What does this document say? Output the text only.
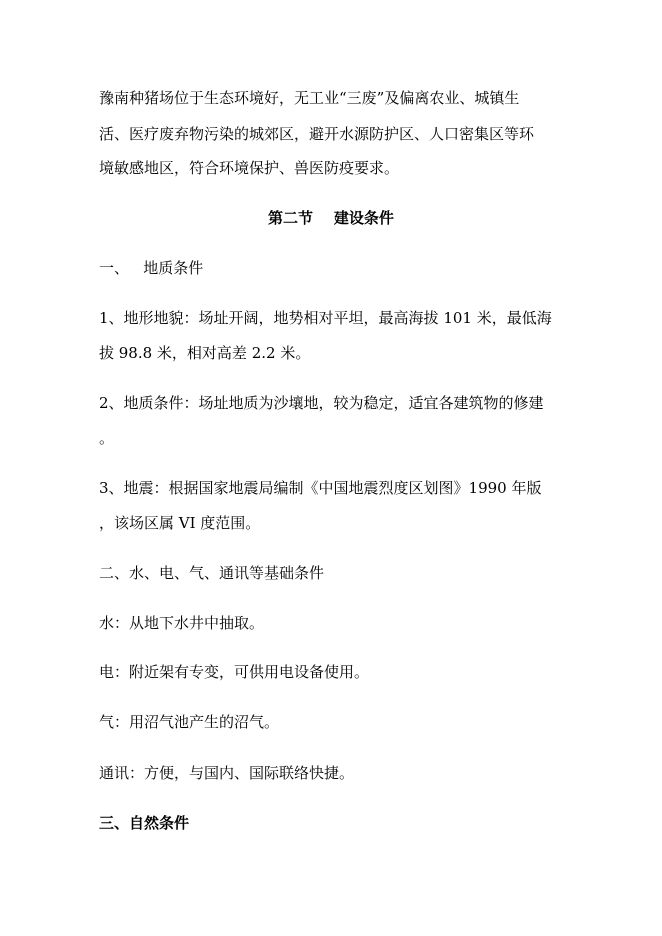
豫南种猪场位于生态环境好，无工业“三废”及偏离农业、城镇生
活、医疗废弃物污染的城郊区，避开水源防护区、人口密集区等环
境敏感地区，符合环境保护、兽医防疫要求。
第二节    建设条件
一、   地质条件
1、地形地貌：场址开阔，地势相对平坦，最高海拔 101 米，最低海
拔 98.8 米，相对高差 2.2 米。
2、地质条件：场址地质为沙壤地，较为稳定，适宜各建筑物的修建
。
3、地震：根据国家地震局编制《中国地震烈度区划图》1990 年版
，该场区属 VI 度范围。
二、水、电、气、通讯等基础条件
水：从地下水井中抽取。
电：附近架有专变，可供用电设备使用。
气：用沼气池产生的沼气。
通讯：方便，与国内、国际联络快捷。
三、自然条件
